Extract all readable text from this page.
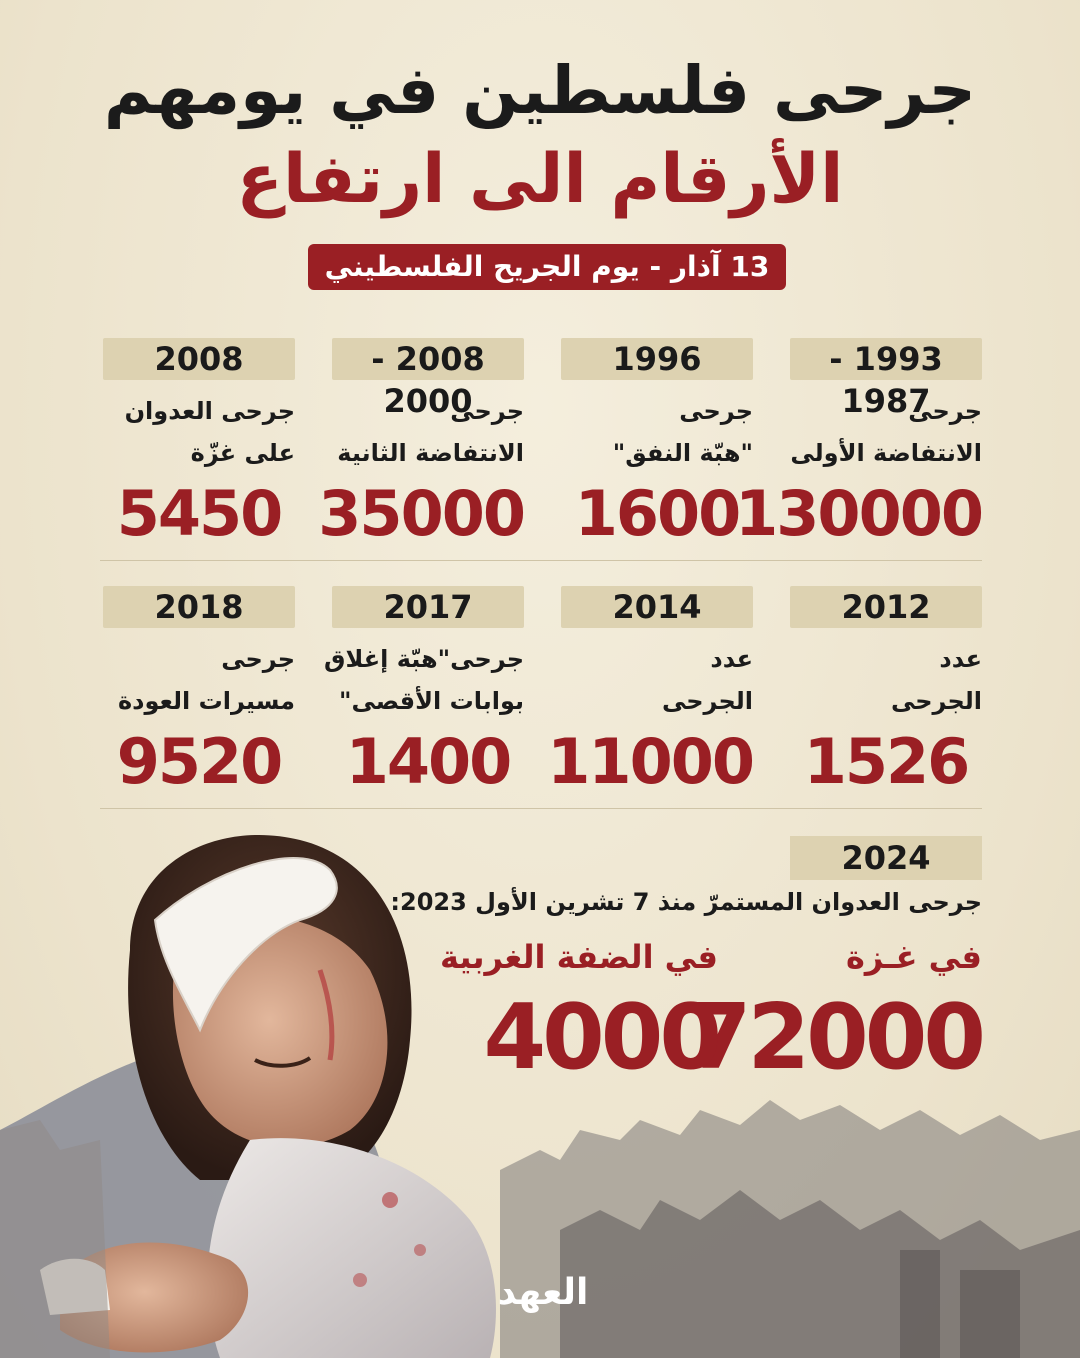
جرحى فلسطين في يومهم
الأرقام الى ارتفاع
13 آذار - يوم الجريح الفلسطيني
1993 - 1987
جرحى
الانتفاضة الأولى
130000
1996
جرحى
"هبّة النفق"
1600
2008 - 2000
جرحى
الانتفاضة الثانية
35000
2008
جرحى العدوان
على غزّة
5450
2012
عدد
الجرحى
1526
2014
عدد
الجرحى
11000
2017
جرحى"هبّة إغلاق
بوابات الأقصى"
1400
2018
جرحى
مسيرات العودة
9520
2024
جرحى العدوان المستمرّ منذ 7 تشرين الأول 2023:
في غـزة
72000
في الضفة الغربية
4000
العهد
